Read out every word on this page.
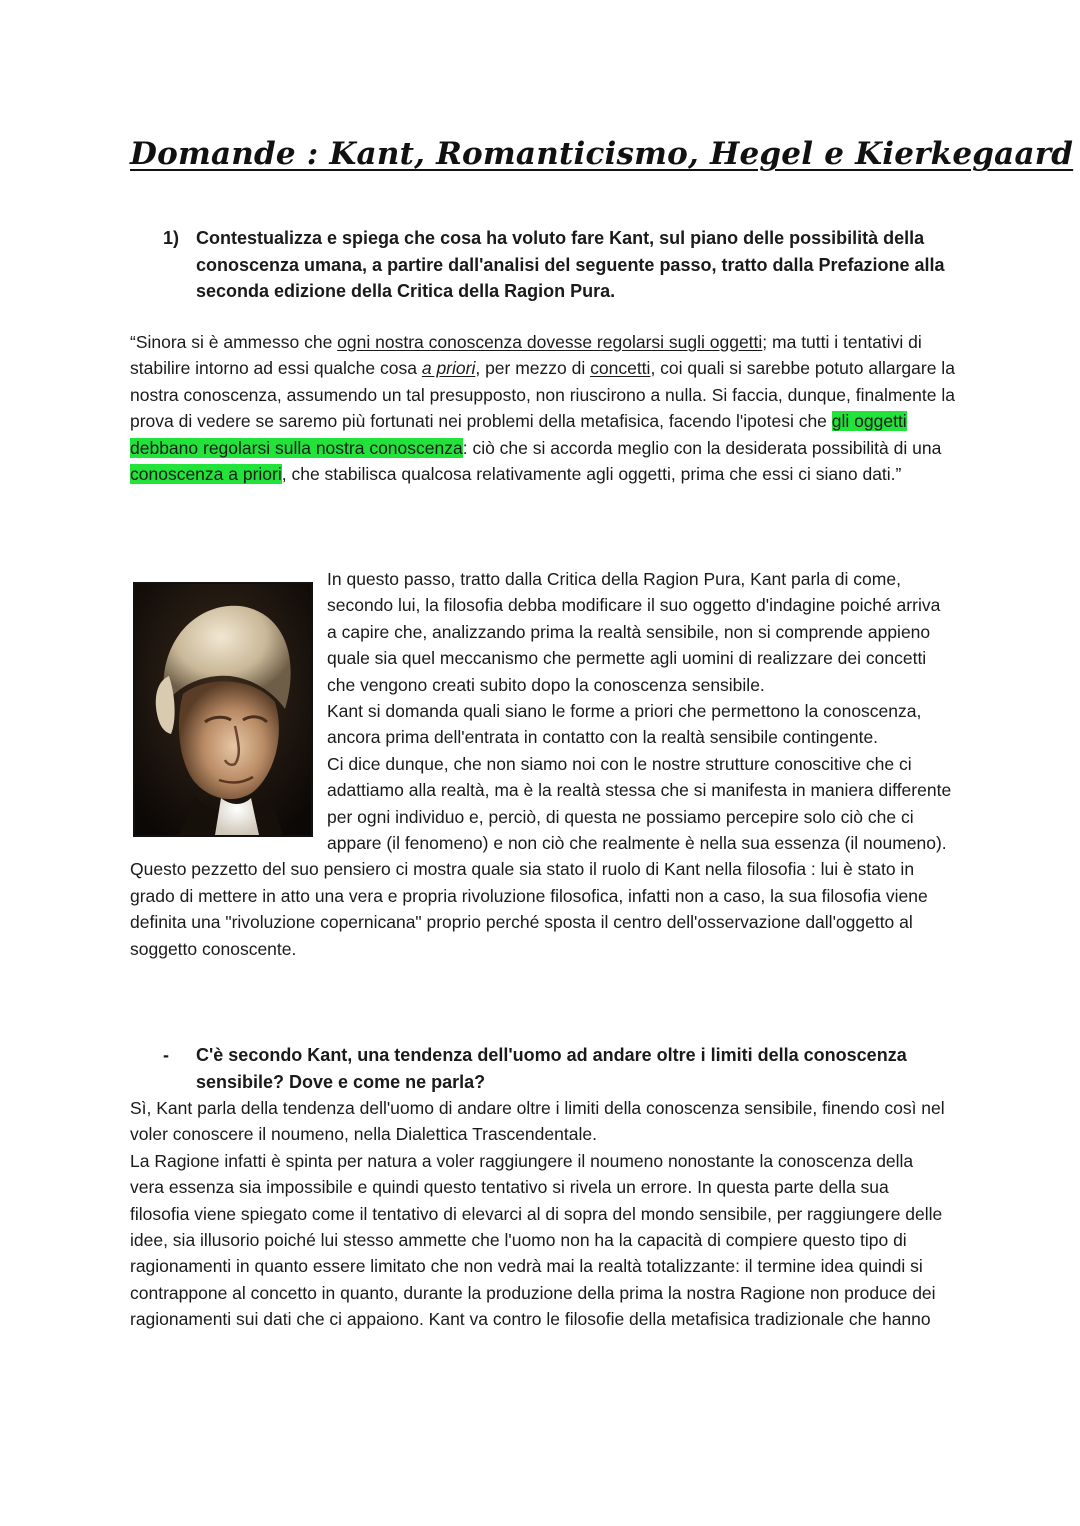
Domande : Kant, Romanticismo, Hegel e Kierkegaard
1) Contestualizza e spiega che cosa ha voluto fare Kant, sul piano delle possibilità della conoscenza umana, a partire dall'analisi del seguente passo, tratto dalla Prefazione alla seconda edizione della Critica della Ragion Pura.

“Sinora si è ammesso che ogni nostra conoscenza dovesse regolarsi sugli oggetti; ma tutti i tentativi di stabilire intorno ad essi qualche cosa a priori, per mezzo di concetti, coi quali si sarebbe potuto allargare la nostra conoscenza, assumendo un tal presupposto, non riuscirono a nulla. Si faccia, dunque, finalmente la prova di vedere se saremo più fortunati nei problemi della metafisica, facendo l'ipotesi che gli oggetti debbano regolarsi sulla nostra conoscenza: ciò che si accorda meglio con la desiderata possibilità di una conoscenza a priori, che stabilisca qualcosa relativamente agli oggetti, prima che essi ci siano dati.”

In questo passo, tratto dalla Critica della Ragion Pura, Kant parla di come, secondo lui, la filosofia debba modificare il suo oggetto d'indagine poiché arriva a capire che, analizzando prima la realtà sensibile, non si comprende appieno quale sia quel meccanismo che permette agli uomini di realizzare dei concetti che vengono creati subito dopo la conoscenza sensibile.

Kant si domanda quali siano le forme a priori che permettono la conoscenza, ancora prima dell'entrata in contatto con la realtà sensibile contingente.

Ci dice dunque, che non siamo noi con le nostre strutture conoscitive che ci adattiamo alla realtà, ma è la realtà stessa che si manifesta in maniera differente per ogni individuo e, perciò, di questa ne possiamo percepire solo ciò che ci appare (il fenomeno) e non ciò che realmente è nella sua essenza (il noumeno).

Questo pezzetto del suo pensiero ci mostra quale sia stato il ruolo di Kant nella filosofia : lui è stato in grado di mettere in atto una vera e propria rivoluzione filosofica, infatti non a caso, la sua filosofia viene definita una "rivoluzione copernicana" proprio perché sposta il centro dell'osservazione dall'oggetto al soggetto conoscente.

- C'è secondo Kant, una tendenza dell'uomo ad andare oltre i limiti della conoscenza sensibile? Dove e come ne parla?

Sì, Kant parla della tendenza dell'uomo di andare oltre i limiti della conoscenza sensibile, finendo così nel voler conoscere il noumeno, nella Dialettica Trascendentale.

La Ragione infatti è spinta per natura a voler raggiungere il noumeno nonostante la conoscenza della vera essenza sia impossibile e quindi questo tentativo si rivela un errore. In questa parte della sua filosofia viene spiegato come il tentativo di elevarci al di sopra del mondo sensibile, per raggiungere delle idee, sia illusorio poiché lui stesso ammette che l'uomo non ha la capacità di compiere questo tipo di ragionamenti in quanto essere limitato che non vedrà mai la realtà totalizzante: il termine idea quindi si contrappone al concetto in quanto, durante la produzione della prima la nostra Ragione non produce dei ragionamenti sui dati che ci appaiono. Kant va contro le filosofie della metafisica tradizionale che hanno
